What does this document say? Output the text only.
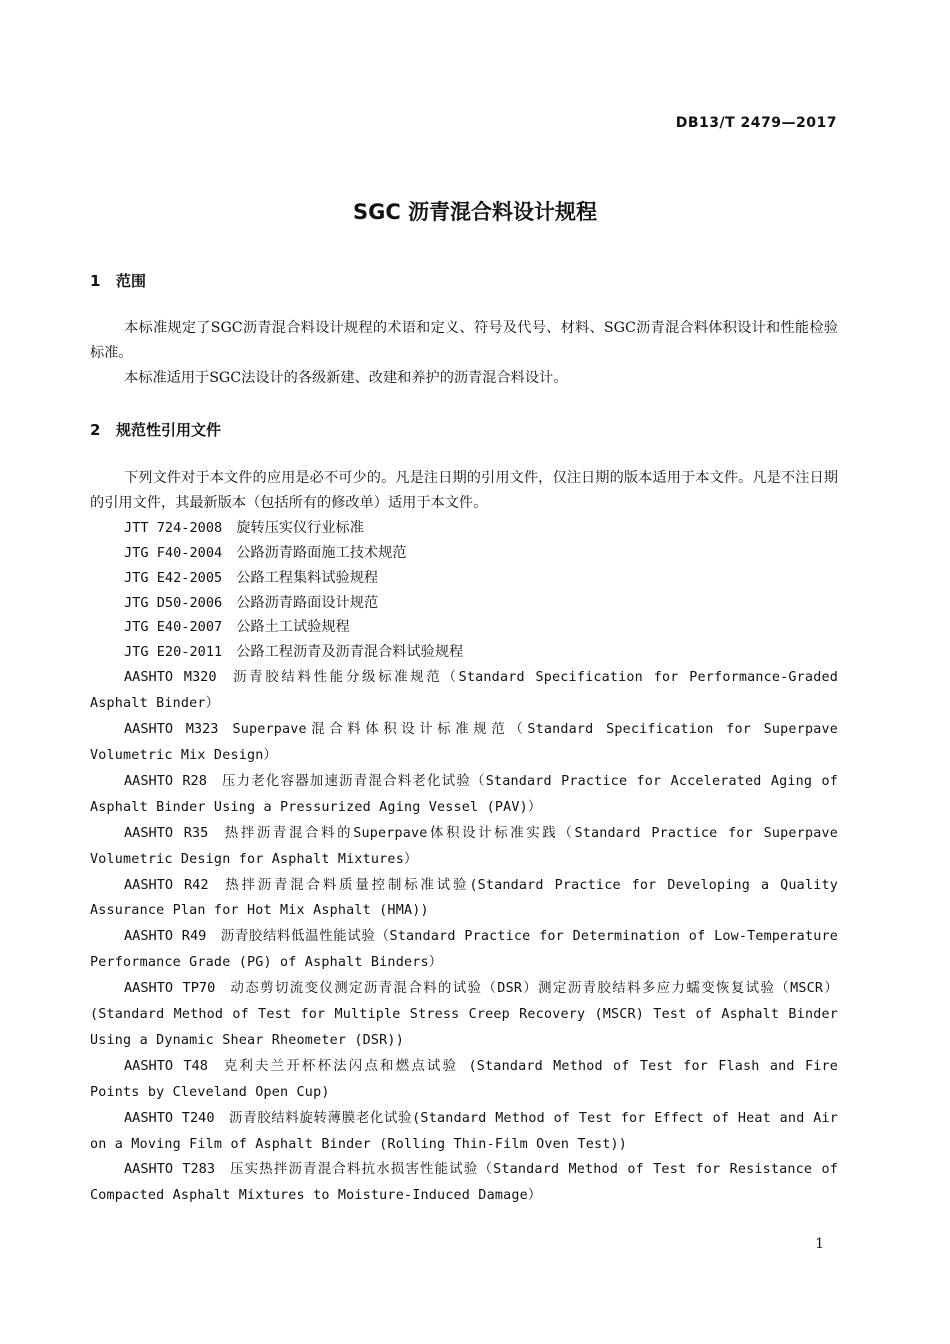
DB13/T 2479—2017
SGC 沥青混合料设计规程
1 范围

本标准规定了SGC沥青混合料设计规程的术语和定义、符号及代号、材料、SGC沥青混合料体积设计和性能检验标准。

本标准适用于SGC法设计的各级新建、改建和养护的沥青混合料设计。

2 规范性引用文件

下列文件对于本文件的应用是必不可少的。凡是注日期的引用文件，仅注日期的版本适用于本文件。凡是不注日期的引用文件，其最新版本（包括所有的修改单）适用于本文件。

JTT 724-2008 旋转压实仪行业标准

JTG F40-2004 公路沥青路面施工技术规范

JTG E42-2005 公路工程集料试验规程

JTG D50-2006 公路沥青路面设计规范

JTG E40-2007 公路土工试验规程

JTG E20-2011 公路工程沥青及沥青混合料试验规程

AASHTO M320 沥青胶结料性能分级标准规范（Standard Specification for Performance-Graded Asphalt Binder）

AASHTO M323 Superpave混合料体积设计标准规范（Standard Specification for Superpave Volumetric Mix Design）

AASHTO R28 压力老化容器加速沥青混合料老化试验（Standard Practice for Accelerated Aging of Asphalt Binder Using a Pressurized Aging Vessel (PAV)）

AASHTO R35 热拌沥青混合料的Superpave体积设计标准实践（Standard Practice for Superpave Volumetric Design for Asphalt Mixtures）

AASHTO R42 热拌沥青混合料质量控制标准试验(Standard Practice for Developing a Quality Assurance Plan for Hot Mix Asphalt (HMA))

AASHTO R49 沥青胶结料低温性能试验（Standard Practice for Determination of Low-Temperature Performance Grade (PG) of Asphalt Binders）

AASHTO TP70 动态剪切流变仪测定沥青混合料的试验（DSR）测定沥青胶结料多应力蠕变恢复试验（MSCR）(Standard Method of Test for Multiple Stress Creep Recovery (MSCR) Test of Asphalt Binder Using a Dynamic Shear Rheometer (DSR))

AASHTO T48 克利夫兰开杯杯法闪点和燃点试验 (Standard Method of Test for Flash and Fire Points by Cleveland Open Cup)

AASHTO T240 沥青胶结料旋转薄膜老化试验(Standard Method of Test for Effect of Heat and Air on a Moving Film of Asphalt Binder (Rolling Thin-Film Oven Test))

AASHTO T283 压实热拌沥青混合料抗水损害性能试验（Standard Method of Test for Resistance of Compacted Asphalt Mixtures to Moisture-Induced Damage）

1
